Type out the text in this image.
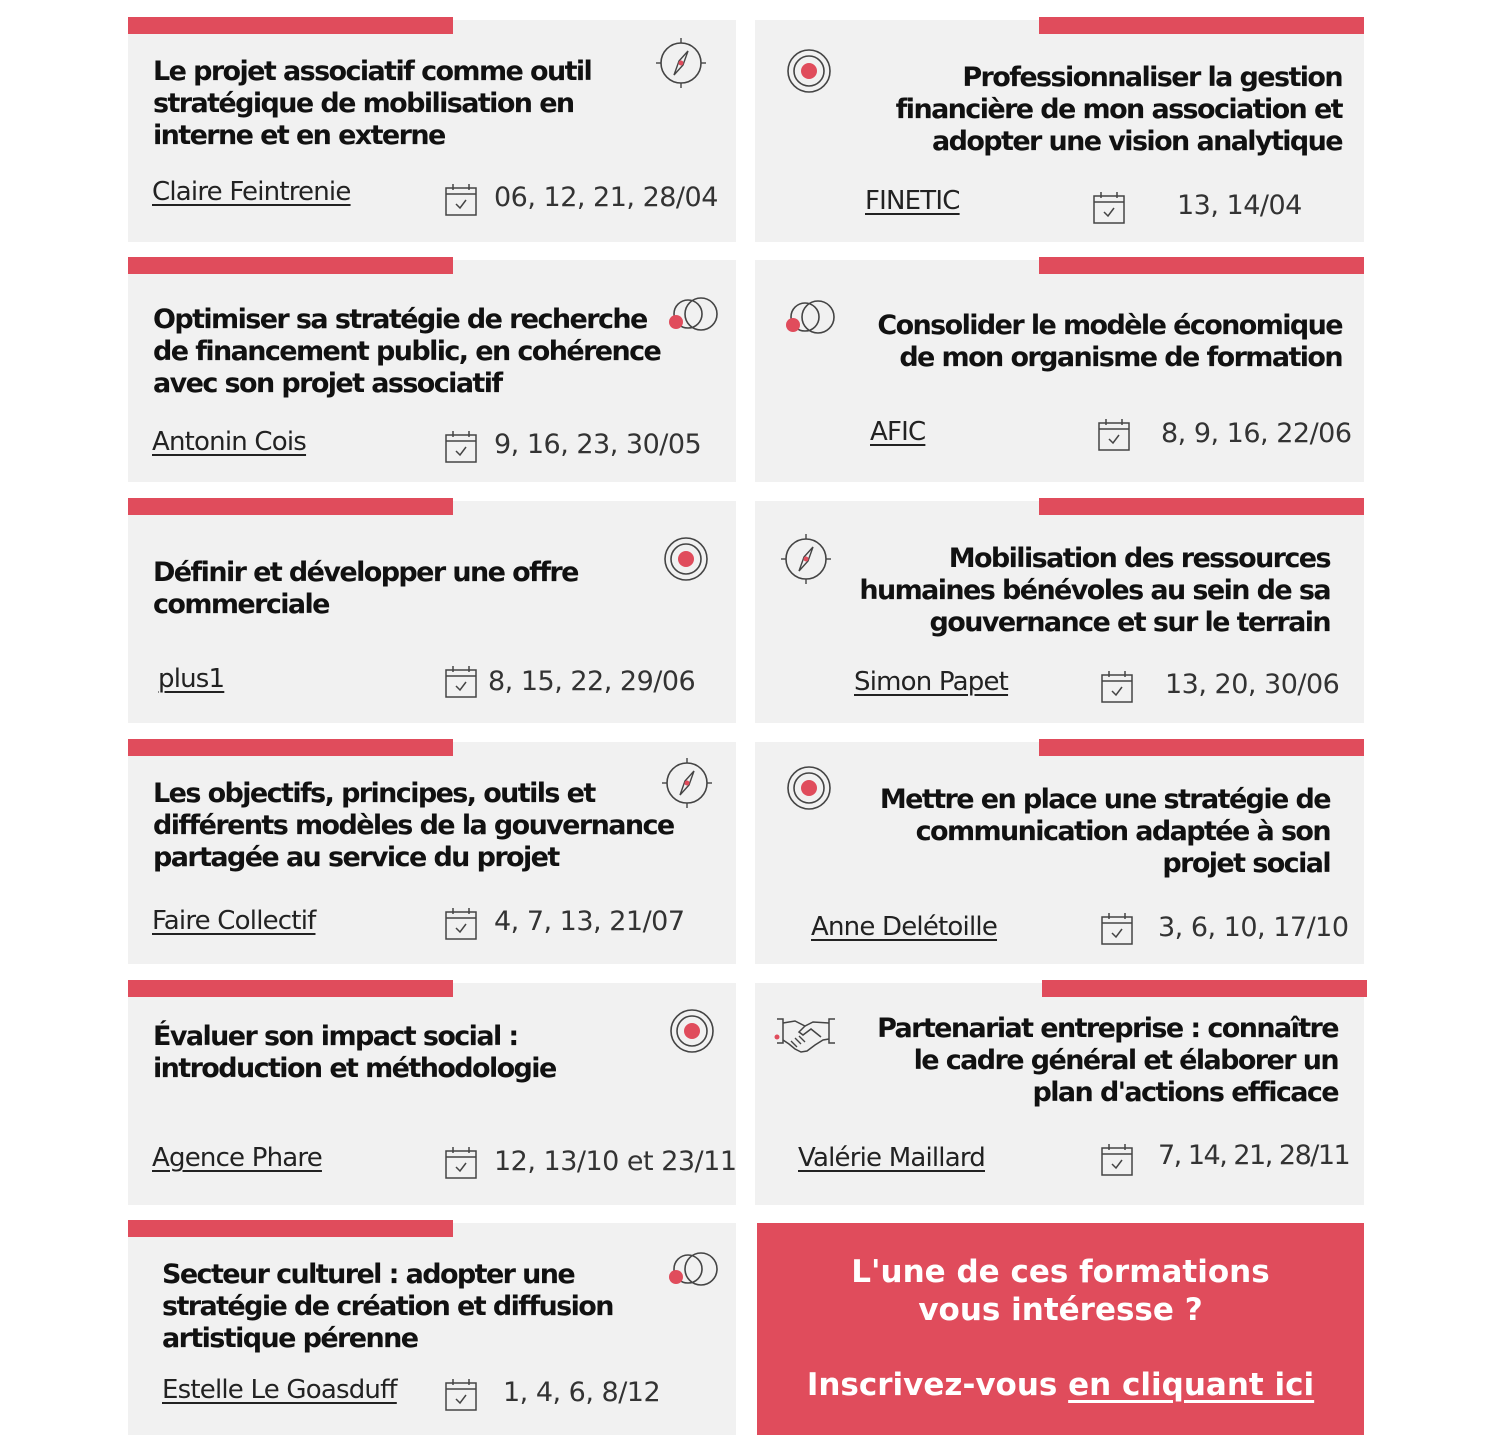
Le projet associatif comme outil
stratégique de mobilisation en
interne et en externe
Claire Feintrenie	06, 12, 21, 28/04
Professionnaliser la gestion
financière de mon association et
adopter une vision analytique
FINETIC	13, 14/04
Optimiser sa stratégie de recherche
de financement public, en cohérence
avec son projet associatif
Antonin Cois	9, 16, 23, 30/05
Consolider le modèle économique
de mon organisme de formation
AFIC	8, 9, 16, 22/06
Définir et développer une offre
commerciale
plus1	8, 15, 22, 29/06
Mobilisation des ressources
humaines bénévoles au sein de sa
gouvernance et sur le terrain
Simon Papet	13, 20, 30/06
Les objectifs, principes, outils et
différents modèles de la gouvernance
partagée au service du projet
Faire Collectif	4, 7, 13, 21/07
Mettre en place une stratégie de
communication adaptée à son
projet social
Anne Delétoille	3, 6, 10, 17/10
Évaluer son impact social :
introduction et méthodologie
Agence Phare	12, 13/10 et 23/11
Partenariat entreprise : connaître
le cadre général et élaborer un
plan d'actions efficace
Valérie Maillard	7, 14, 21, 28/11
Secteur culturel : adopter une
stratégie de création et diffusion
artistique pérenne
Estelle Le Goasduff	1, 4, 6, 8/12
L'une de ces formations
vous intéresse ?
Inscrivez-vous en cliquant ici
